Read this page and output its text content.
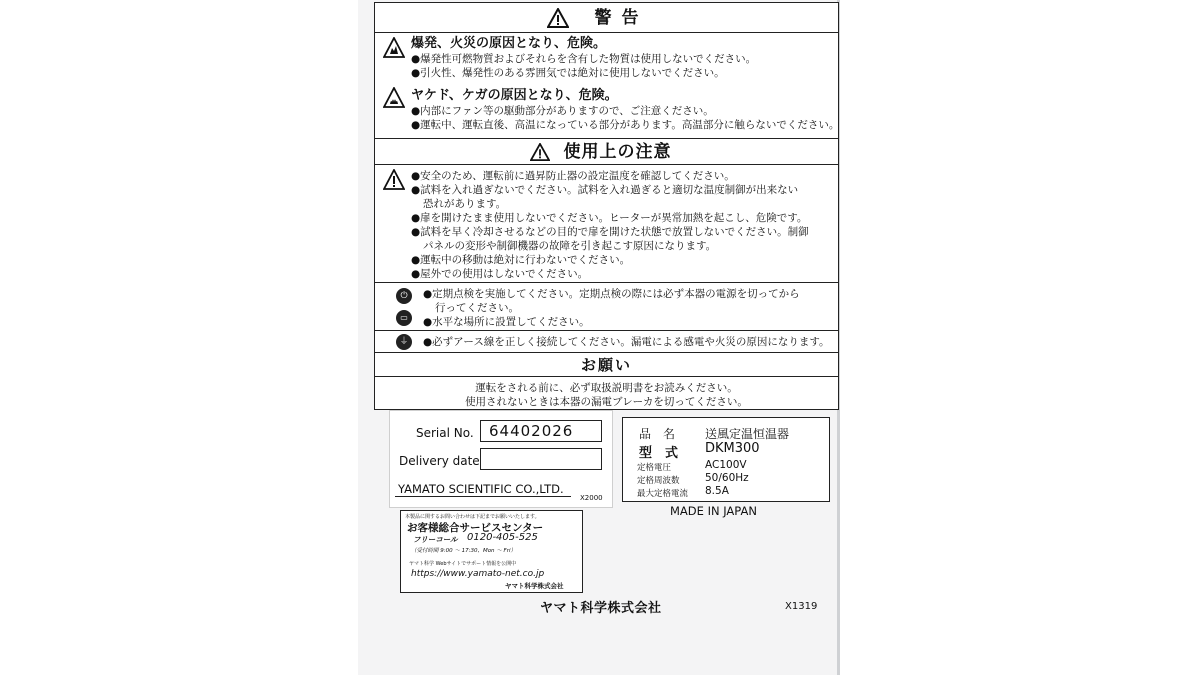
警 告
爆発、火災の原因となり、危険。
●爆発性可燃物質およびそれらを含有した物質は使用しないでください。
●引火性、爆発性のある雰囲気では絶対に使用しないでください。
ヤケド、ケガの原因となり、危険。
●内部にファン等の駆動部分がありますので、ご注意ください。
●運転中、運転直後、高温になっている部分があります。高温部分に触らないでください。
使用上の注意
●安全のため、運転前に過昇防止器の設定温度を確認してください。
●試料を入れ過ぎないでください。試料を入れ過ぎると適切な温度制御が出来ない
恐れがあります。
●扉を開けたまま使用しないでください。ヒーターが異常加熱を起こし、危険です。
●試料を早く冷却させるなどの目的で扉を開けた状態で放置しないでください。制御
パネルの変形や制御機器の故障を引き起こす原因になります。
●運転中の移動は絶対に行わないでください。
●屋外での使用はしないでください。
⏻
▭
●定期点検を実施してください。定期点検の際には必ず本器の電源を切ってから
行ってください。
●水平な場所に設置してください。
⏚	●必ずアース線を正しく接続してください。漏電による感電や火災の原因になります。
お願い
運転をされる前に、必ず取扱説明書をお読みください。
使用されないときは本器の漏電ブレーカを切ってください。
Serial No.	64402026
Delivery date
YAMATO SCIENTIFIC CO.,LTD.
X2000
品　名 送風定温恒温器
型　式 DKM300
定格電圧	AC100V
定格周波数 50/60Hz
最大定格電流 8.5A
MADE IN JAPAN
本製品に関するお問い合わせは下記までお願いいたします。
お客様総合サービスセンター
フリーコール 0120-405-525
（受付時間 9:00 ～ 17:30、Mon ～ Fri）
ヤマト科学 Webサイトでサポート情報を公開中
https://www.yamato-net.co.jp
ヤマト科学株式会社
ヤマト科学株式会社	X1319
